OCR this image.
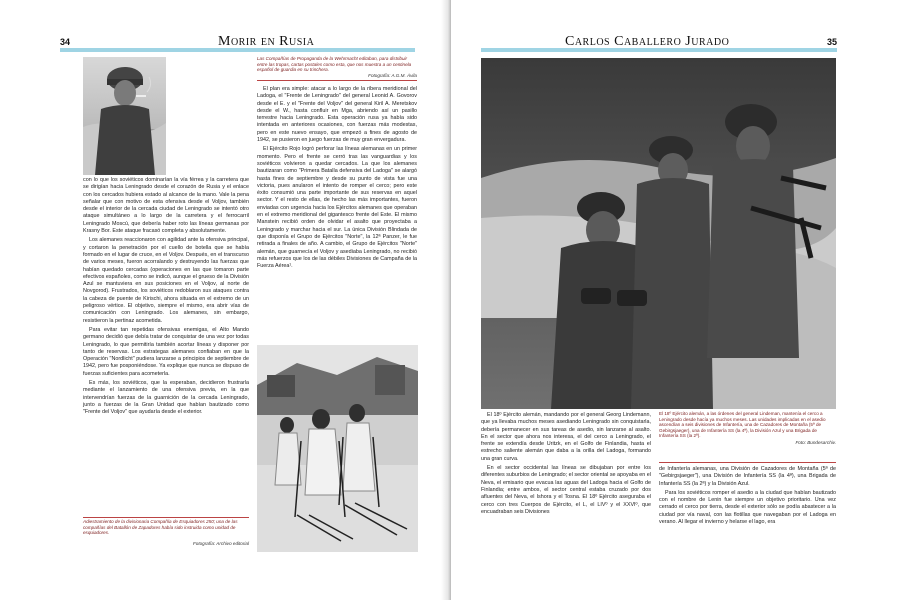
34	Morir en Rusia

con lo que los soviéticos dominarían la vía férrea y la carretera que se dirigían hacia Leningrado desde el corazón de Rusia y el enlace con los cercados hubiera estado al alcance de la mano. Vale la pena señalar que con motivo de esta ofensiva desde el Voljov, también desde el interior de la cercada ciudad de Leningrado se intentó otro ataque simultáneo a lo largo de la carretera y el ferrocarril Leningrado Moscú, que debería haber roto las líneas germanas por Krasny Bor. Este ataque fracasó completa y absolutamente.

Los alemanes reaccionaron con agilidad ante la ofensiva principal, y cortaron la penetración por el cuello de botella que se había formado en el lugar de cruce, en el Voljov. Después, en el transcurso de varios meses, fueron acorralando y destruyendo las fuerzas que habían quedado cercadas (operaciones en las que tomaron parte efectivos españoles, como se indicó, aunque el grueso de la División Azul se mantuviera en sus posiciones en el Voljov, al norte de Novgorod). Frustrados, los soviéticos redoblaron sus ataques contra la cabeza de puente de Kirischi, ahora situada en el extremo de un peligroso vértice. El objetivo, siempre el mismo, era abrir vías de comunicación con Leningrado. Los alemanes, sin embargo, resistieron la pertinaz acometida.

Para evitar tan repetidas ofensivas enemigas, el Alto Mando germano decidió que debía tratar de conquistar de una vez por todas Leningrado, lo que permitiría también acortar líneas y disponer por tanto de reservas. Los estrategas alemanes confiaban en que la Operación "Nordlicht" pudiera lanzarse a principios de septiembre de 1942, pero fue posponiéndose. Ya explique que nunca se dispuso de fuerzas suficientes para acometerla.

Es más, los soviéticos, que la esperaban, decidieron frustrarla mediante el lanzamiento de una ofensiva previa, en la que intervendrían fuerzas de la guarnición de la cercada Leningrado, junto a fuerzas de la Gran Unidad que habían bautizado como "Frente del Voljov" que ayudaría desde el exterior.

Adiestramiento de la divisionaria Compañía de Esquiadores 250; una de las compañías del Batallón de Zapadores había sido instruida como unidad de esquiadores.
Fotografía: Archivo editorial
Las Compañías de Propaganda de la Wehrmacht editaban, para distribuir entre las tropas, cartas postales como esta, que nos muestra a un centinela español de guardia en su trinchera.
Fotografía: A.G.M. Ávila

El plan era simple: atacar a lo largo de la ribera meridional del Ladoga, el "Frente de Leningrado" del general Leonid A. Govorov desde el E. y el "Frente del Voljov" del general Kiril A. Meretskov desde el W., hasta confluir en Mga, abriendo así un pasillo terrestre hacia Leningrado. Esta operación rusa ya había sido intentada en anteriores ocasiones, con fuerzas más modestas, pero en este nuevo ensayo, que empezó a fines de agosto de 1942, se pusieron en juego fuerzas de muy gran envergadura.

El Ejército Rojo logró perforar las líneas alemanas en un primer momento. Pero el frente se cerró tras las vanguardias y los soviéticos volvieron a quedar cercados. La que los alemanes bautizaran como "Primera Batalla defensiva del Ladoga" se alargó hasta fines de septiembre y desde su punto de vista fue una victoria, pues anularon el intento de romper el cerco; pero este éxito consumió una parte importante de sus reservas en aquel sector. Y el resto de ellas, de hecho las más importantes, fueron enviadas con urgencia hacia los Ejércitos alemanes que operaban en el extremo meridional del gigantesco frente del Este. El mismo Manstein recibió orden de olvidar el asalto que proyectaba a Leningrado y marchar hacia el sur. La única División Blindada de que disponía el Grupo de Ejércitos "Norte", la 12ª Panzer, le fue retirada a finales de año. A cambio, el Grupo de Ejércitos "Norte" alemán, que guarnecía el Voljov y asediaba Leningrado, no recibió más refuerzos que los de las débiles Divisiones de Campaña de la Fuerza Aérea¹.

Carlos Caballero Jurado	35

El 18º Ejército alemán, mandando por el general Georg Lindemann, que ya llevaba muchos meses asediando Leningrado sin conquistarla, debería permanecer en sus tareas de asedio, sin lanzarse al asalto. En el sector que ahora nos interesa, el del cerco a Leningrado, el frente se extendía desde Uritzk, en el Golfo de Finlandia, hasta el estrecho saliente alemán que daba a la orilla del Ladoga, formando una gran curva.

En el sector occidental las líneas se dibujaban por entre los diferentes suburbios de Leningrado; el sector oriental se apoyaba en el Neva, el emisario que evacua las aguas del Ladoga hacia el Golfo de Finlandia; entre ambos, el sector central estaba cruzado por dos afluentes del Neva, el Ishora y el Tosna. El 18º Ejército aseguraba el cerco con tres Cuerpos de Ejército, el L, el LIVº y el XXVIº, que encuadraban seis Divisiones

El 18º Ejército alemán, a las órdenes del general Lindeman, mantenía el cerco a Leningrado desde hacía ya muchos meses. Las unidades implicadas en el asedio ascendían a seis divisiones de Infantería, una de Cazadores de Montaña (5ª de Gebirgsjaeger), una de Infantería SS (la 4ª), la División Azul y una Brigada de Infantería SS (la 2ª).
Foto: Bundesarchiv.

de Infantería alemanas, una División de Cazadores de Montaña (5ª de "Gebirgsjaeger"), una División de Infantería SS (la 4ª), una Brigada de Infantería SS (la 2ª) y la División Azul.

Para los soviéticos romper el asedio a la ciudad que habían bautizado con el nombre de Lenin fue siempre un objetivo prioritario. Una vez cerrado el cerco por tierra, desde el exterior sólo se podía abastecer a la ciudad por vía naval, con las flotillas que navegaban por el Ladoga en verano. Al llegar el invierno y helarse el lago, era
